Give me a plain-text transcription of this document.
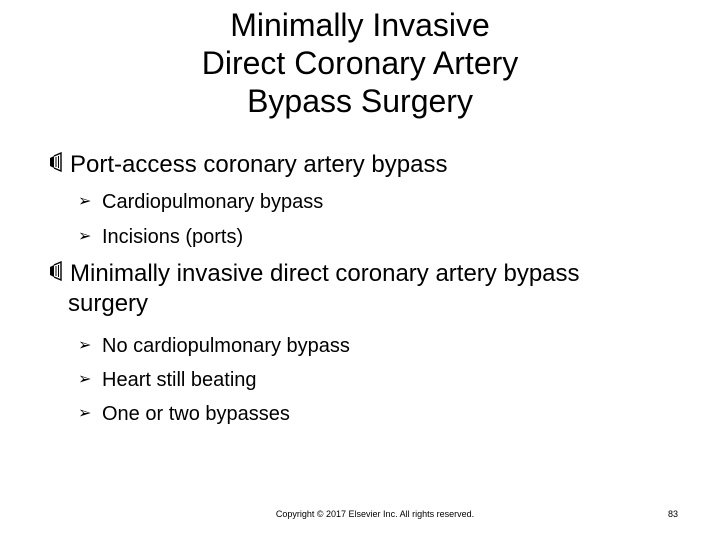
Minimally Invasive
Direct Coronary Artery
Bypass Surgery
Port-access coronary artery bypass
➢ Cardiopulmonary bypass
➢ Incisions (ports)
Minimally invasive direct coronary artery bypass
surgery
➢ No cardiopulmonary bypass
➢ Heart still beating
➢ One or two bypasses
Copyright © 2017 Elsevier Inc. All rights reserved.	83
